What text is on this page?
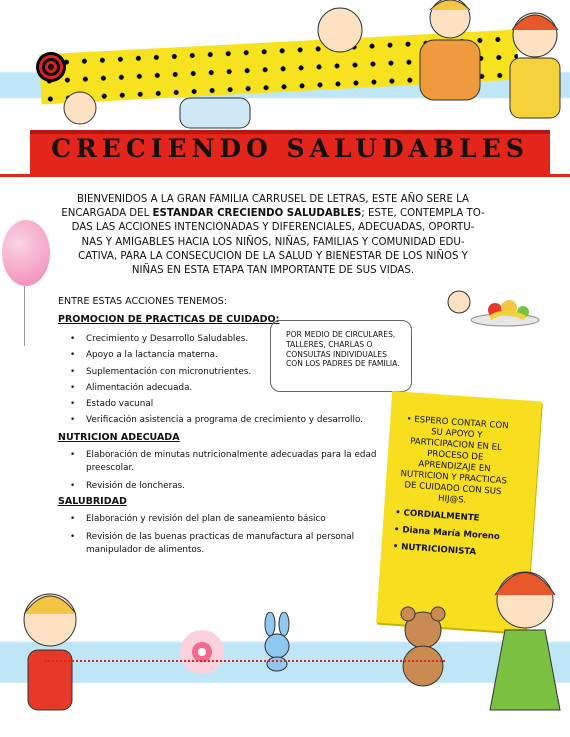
CRECIENDO SALUDABLES
BIENVENIDOS A LA GRAN FAMILIA CARRUSEL DE LETRAS, ESTE AÑO SERE LA
ENCARGADA DEL ESTANDAR CRECIENDO SALUDABLES; ESTE, CONTEMPLA TO-
DAS LAS ACCIONES INTENCIONADAS Y DIFERENCIALES, ADECUADAS, OPORTU-
NAS Y AMIGABLES HACIA LOS NIÑOS, NIÑAS, FAMILIAS Y COMUNIDAD EDU-
CATIVA, PARA LA CONSECUCION DE LA SALUD Y BIENESTAR DE LOS NIÑOS Y
NIÑAS EN ESTA ETAPA TAN IMPORTANTE DE SUS VIDAS.
ENTRE ESTAS ACCIONES TENEMOS:
PROMOCION DE PRACTICAS DE CUIDADO:
• Crecimiento y Desarrollo Saludables.
• Apoyo a la lactancia materna.
• Suplementación con micronutrientes.
• Alimentación adecuada.
• Estado vacunal
• Verificación asistencia a programa de crecimiento y desarrollo.
NUTRICION ADECUADA
• Elaboración de minutas nutricionalmente adecuadas para la edad preescolar.
• Revisión de loncheras.
SALUBRIDAD
• Elaboración y revisión del plan de saneamiento básico
• Revisión de las buenas practicas de manufactura al personal manipulador de alimentos.
POR MEDIO DE CIRCULARES, TALLERES, CHARLAS O CONSULTAS INDIVIDUALES CON LOS PADRES DE FAMILIA.
• ESPERO CONTAR CON SU APOYO Y PARTICIPACION EN EL PROCESO DE APRENDIZAJE EN NUTRICION Y PRACTICAS DE CUIDADO CON SUS HIJ@S.
• CORDIALMENTE
• Diana María Moreno
• NUTRICIONISTA
